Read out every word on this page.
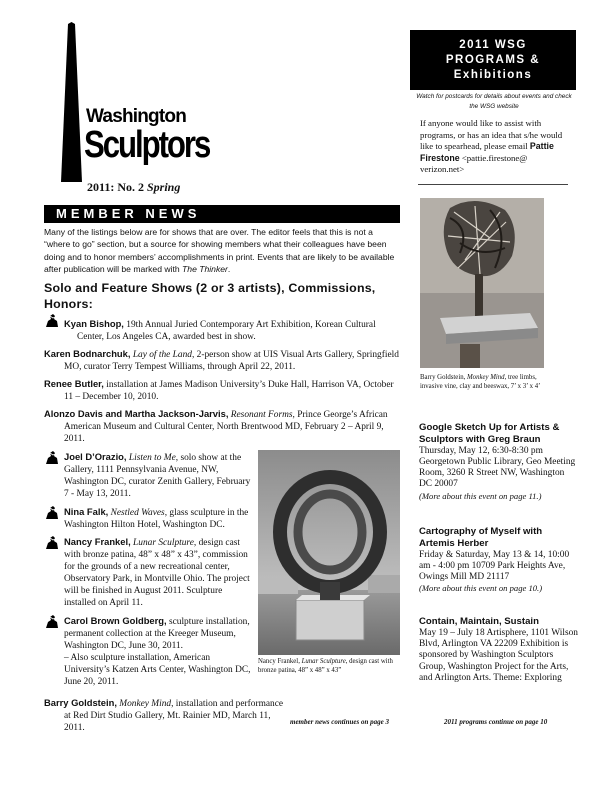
Washington
Sculptors
2011: No. 2 Spring
MEMBER NEWS
Many of the listings below are for shows that are over. The editor feels that this is not a “where to go” section, but a source for showing members what their colleagues have been doing and to honor members’ accomplishments in print. Events that are likely to be available after publication will be marked with The Thinker.
Solo and Feature Shows (2 or 3 artists), Commissions, Honors:
Kyan Bishop, 19th Annual Juried Contemporary Art Exhibition, Korean Cultural Center, Los Angeles CA, awarded best in show.
Karen Bodnarchuk, Lay of the Land, 2-person show at UIS Visual Arts Gallery, Springfield MO, curator Terry Tempest Williams, through April 22, 2011.
Renee Butler, installation at James Madison University’s Duke Hall, Harrison VA, October 11 – December 10, 2010.
Alonzo Davis and Martha Jackson-Jarvis, Resonant Forms, Prince George’s African American Museum and Cultural Center, North Brentwood MD, February 2 – April 9, 2011.
Joel D’Orazio, Listen to Me, solo show at the Gallery, 1111 Pennsylvania Avenue, NW, Washington DC, curator Zenith Gallery, February 7 - May 13, 2011.
Nina Falk, Nestled Waves, glass sculpture in the Washington Hilton Hotel, Washington DC.
Nancy Frankel, Lunar Sculpture, design cast with bronze patina, 48” x 48” x 43”, commission for the grounds of a new recreational center, Observatory Park, in Montville Ohio. The project will be finished in August 2011. Sculpture installed on April 11.
Carol Brown Goldberg, sculpture installation, permanent collection at the Kreeger Museum, Washington DC, June 30, 2011.
– Also sculpture installation, American University’s Katzen Arts Center, Washington DC, June 20, 2011.
Barry Goldstein, Monkey Mind, installation and performance at Red Dirt Studio Gallery, Mt. Rainier MD, March 11, 2011.
Nancy Frankel, Lunar Sculpture, design cast with bronze patina, 48” x 48” x 43”
member news continues on page 3
2011 WSG
PROGRAMS &
Exhibitions
Watch for postcards for details about events and check the WSG website
If anyone would like to assist with programs, or has an idea that s/he would like to spearhead, please email Pattie Firestone <pattie.firestone@ verizon.net>
Barry Goldstein, Monkey Mind, tree limbs, invasive vine, clay and beeswax, 7’ x 3’ x 4’
Google Sketch Up for Artists & Sculptors with Greg Braun
Thursday, May 12, 6:30-8:30 pm Georgetown Public Library, Geo Meeting Room, 3260 R Street NW, Washington DC 20007
(More about this event on page 11.)
Cartography of Myself with Artemis Herber
Friday & Saturday, May 13 & 14, 10:00 am - 4:00 pm 10709 Park Heights Ave, Owings Mill MD 21117
(More about this event on page 10.)
Contain, Maintain, Sustain
May 19 – July 18 Artisphere, 1101 Wilson Blvd, Arlington VA 22209 Exhibition is sponsored by Washington Sculptors Group, Washington Project for the Arts, and Arlington Arts. Theme: Exploring
2011 programs continue on page 10
